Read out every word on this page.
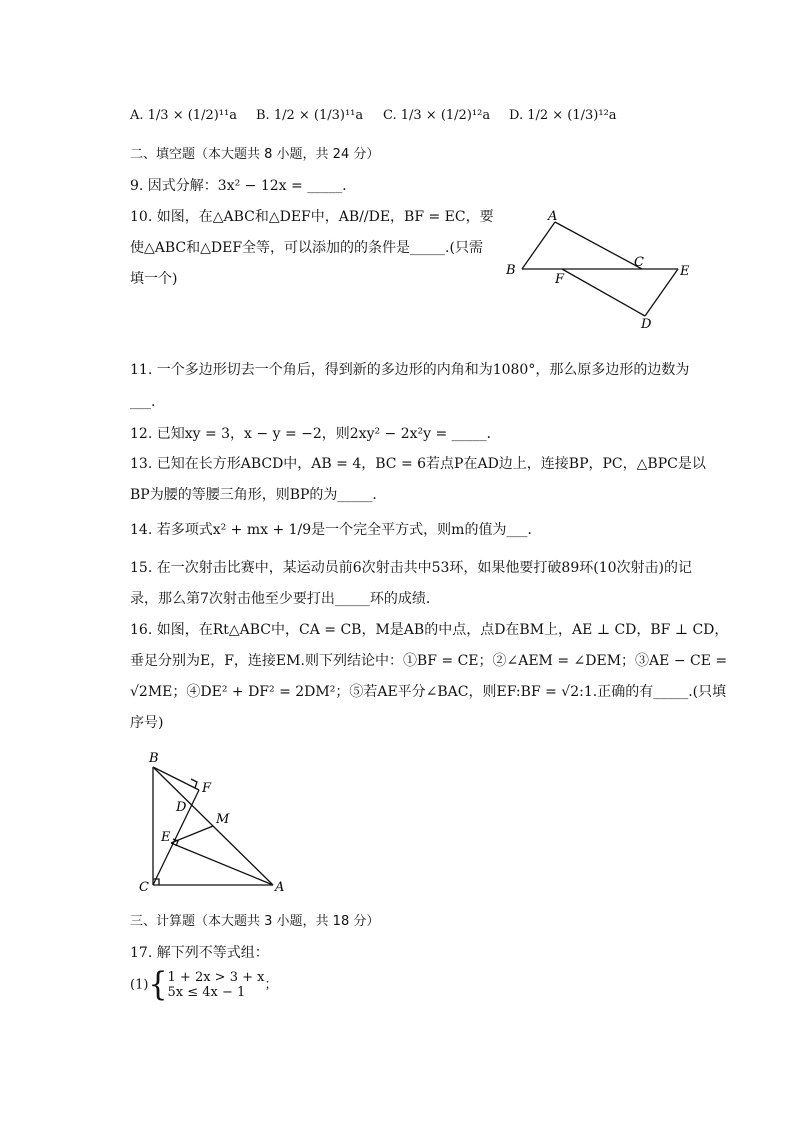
A. 1/3 × (1/2)¹¹a B. 1/2 × (1/3)¹¹a C. 1/3 × (1/2)¹²a D. 1/2 × (1/3)¹²a
二、填空题（本大题共 8 小题，共 24 分）
9. 因式分解：3x² − 12x = _____．
10. 如图，在△ABC和△DEF中，AB//DE，BF = EC，要
使△ABC和△DEF全等，可以添加的的条件是_____.(只需
填一个)
A
B
C
F
E
D
11. 一个多边形切去一个角后，得到新的多边形的内角和为1080°，那么原多边形的边数为
___.
12. 已知xy = 3，x − y = −2，则2xy² − 2x²y = _____．
13. 已知在长方形ABCD中，AB = 4，BC = 6若点P在AD边上，连接BP，PC，△BPC是以
BP为腰的等腰三角形，则BP的为_____．
14. 若多项式x² + mx + 1/9是一个完全平方式，则m的值为___．
15. 在一次射击比赛中，某运动员前6次射击共中53环，如果他要打破89环(10次射击)的记
录，那么第7次射击他至少要打出_____环的成绩．
16. 如图，在Rt△ABC中，CA = CB，M是AB的中点，点D在BM上，AE ⊥ CD，BF ⊥ CD，
垂足分别为E，F，连接EM.则下列结论中：①BF = CE；②∠AEM = ∠DEM；③AE − CE =
√2ME；④DE² + DF² = 2DM²；⑤若AE平分∠BAC，则EF:BF = √2:1.正确的有_____.(只填
序号)
B
F
D
M
E
C	A
三、计算题（本大题共 3 小题，共 18 分）
17. 解下列不等式组：
(1){1 + 2x > 3 + x
5x ≤ 4x − 1 ；
